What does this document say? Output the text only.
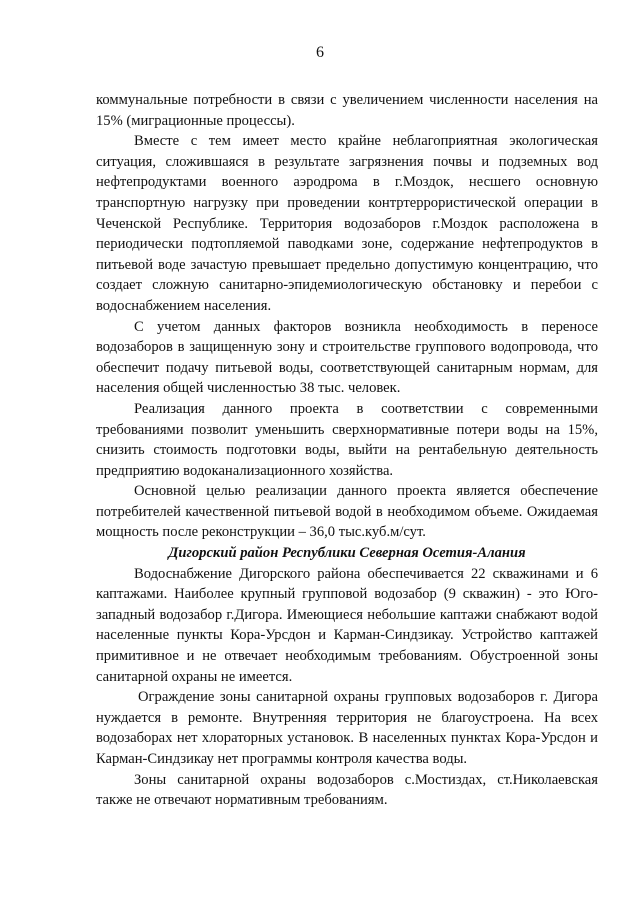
6

коммунальные потребности в связи с увеличением численности населения на 15% (миграционные процессы).

Вместе с тем имеет место крайне неблагоприятная экологическая ситуация, сложившаяся в результате загрязнения почвы и подземных вод нефтепродуктами военного аэродрома в г.Моздок, несшего основную транспортную нагрузку при проведении контртеррористической операции в Чеченской Республике. Территория водозаборов г.Моздок расположена в периодически подтопляемой паводками зоне, содержание нефтепродуктов в питьевой воде зачастую превышает предельно допустимую концентрацию, что создает сложную санитарно-эпидемиологическую обстановку и перебои с водоснабжением населения.

С учетом данных факторов возникла необходимость в переносе водозаборов в защищенную зону и строительстве группового водопровода, что обеспечит подачу питьевой воды, соответствующей санитарным нормам, для населения общей численностью 38 тыс. человек.

Реализация данного проекта в соответствии с современными требованиями позволит уменьшить сверхнормативные потери воды на 15%, снизить стоимость подготовки воды, выйти на рентабельную деятельность предприятию водоканализационного хозяйства.

Основной целью реализации данного проекта является обеспечение потребителей качественной питьевой водой в необходимом объеме. Ожидаемая мощность после реконструкции – 36,0 тыс.куб.м/сут.

Дигорский район Республики Северная Осетия-Алания

Водоснабжение Дигорского района обеспечивается 22 скважинами и 6 каптажами. Наиболее крупный групповой водозабор (9 скважин) - это Юго-западный водозабор г.Дигора. Имеющиеся небольшие каптажи снабжают водой населенные пункты Кора-Урсдон и Карман-Синдзикау. Устройство каптажей примитивное и не отвечает необходимым требованиям. Обустроенной зоны санитарной охраны не имеется.

Ограждение зоны санитарной охраны групповых водозаборов г. Дигора нуждается в ремонте. Внутренняя территория не благоустроена. На всех водозаборах нет хлораторных установок. В населенных пунктах Кора-Урсдон и Карман-Синдзикау нет программы контроля качества воды.

Зоны санитарной охраны водозаборов с.Мостиздах, ст.Николаевская также не отвечают нормативным требованиям.
